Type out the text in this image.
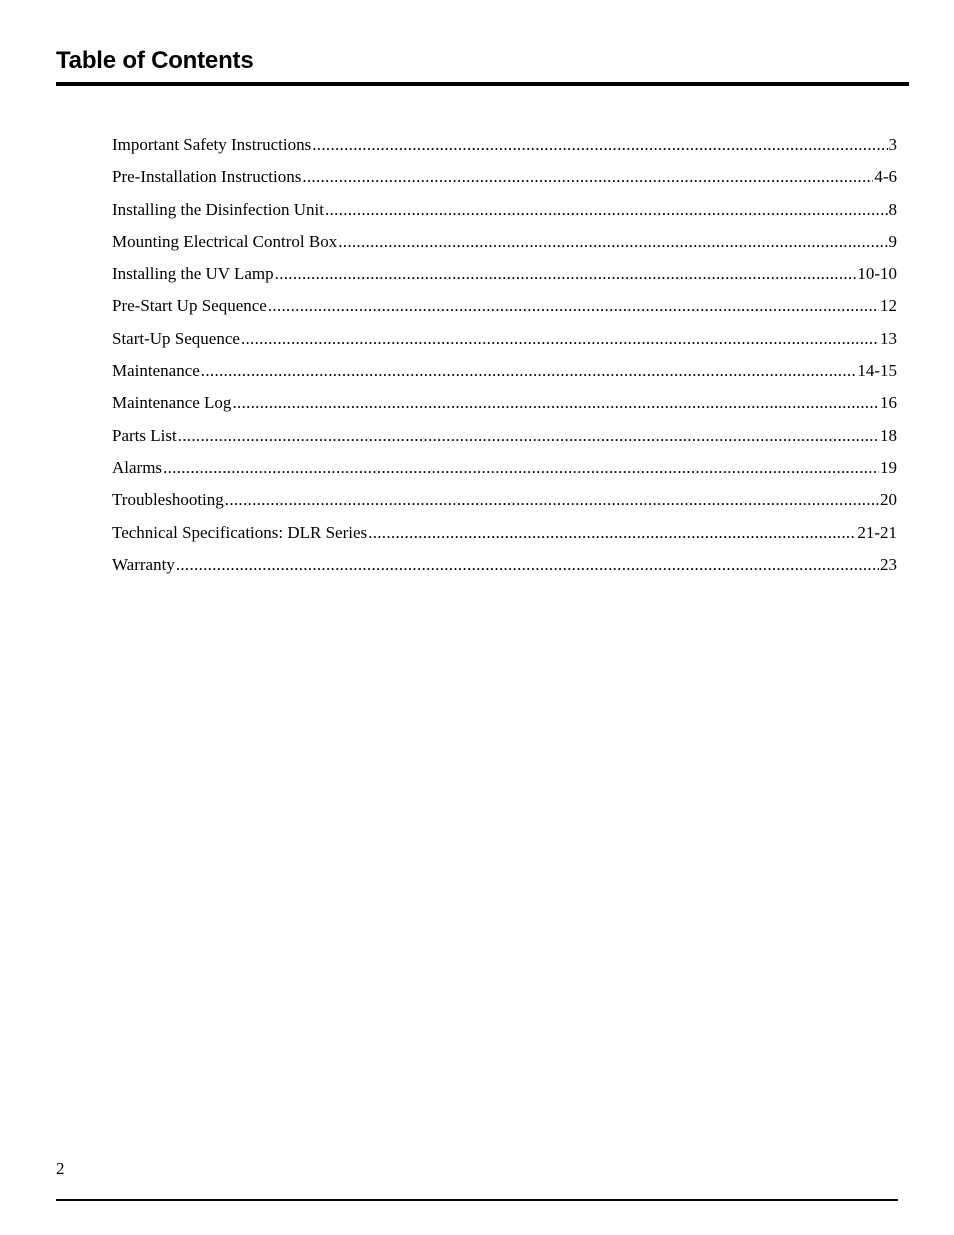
Table of Contents
Important Safety Instructions .....	3
Pre-Installation Instructions .....	4-6
Installing the Disinfection Unit .....	8
Mounting Electrical Control Box .....	9
Installing the UV Lamp .....	10-10
Pre-Start Up Sequence .....	12
Start-Up Sequence .....	13
Maintenance .....	14-15
Maintenance Log .....	16
Parts List .....	18
Alarms .....	19
Troubleshooting .....	20
Technical Specifications: DLR Series .....	21-21
Warranty .....	23
2
